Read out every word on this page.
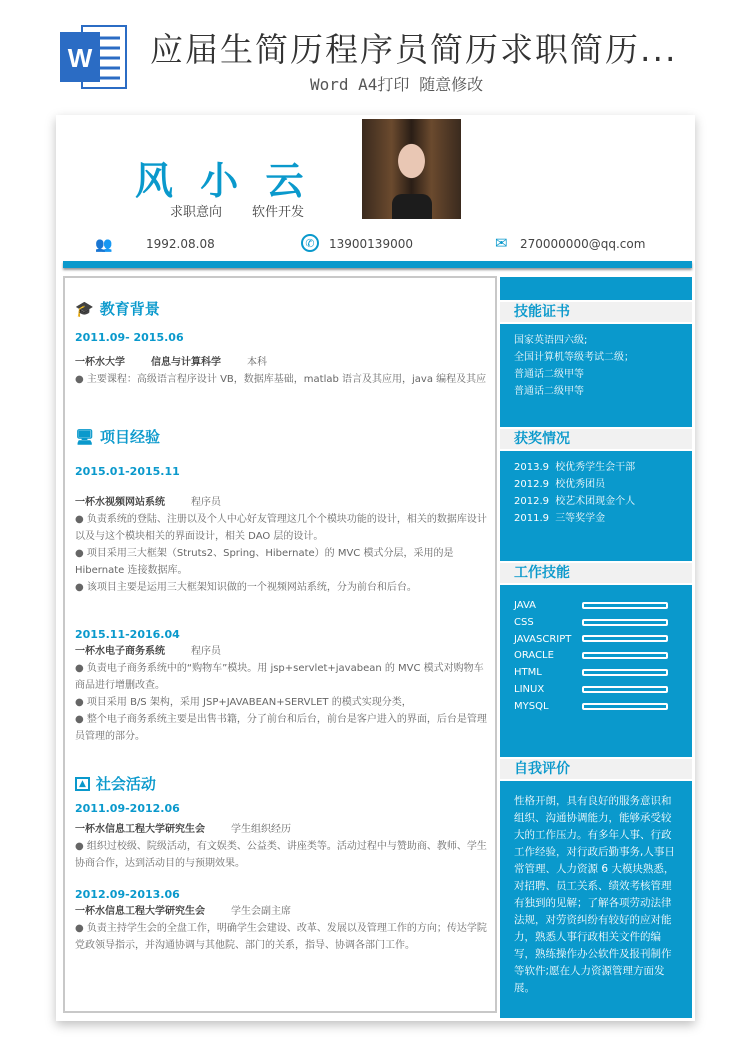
W 应届生简历程序员简历求职简历...
Word A4打印 随意修改
风 小 云
求职意向 软件开发
👥	1992.08.08	✆	13900139000	✉ 270000000@qq.com
🎓 教育背景
2011.09- 2015.06
一杯水大学	信息与计算科学	本科
● 主要课程：高级语言程序设计 VB，数据库基础，matlab 语言及其应用，java 编程及其应
🖥 项目经验
2015.01-2015.11
一杯水视频网站系统	程序员
● 负责系统的登陆、注册以及个人中心好友管理这几个个模块功能的设计，相关的数据库设计以及与这个模块相关的界面设计，相关 DAO 层的设计。
● 项目采用三大框架（Struts2、Spring、Hibernate）的 MVC 模式分层，采用的是 Hibernate 连接数据库。
● 该项目主要是运用三大框架知识做的一个视频网站系统，分为前台和后台。
2015.11-2016.04
一杯水电子商务系统	程序员
● 负责电子商务系统中的“购物车”模块。用 jsp+servlet+javabean 的 MVC 模式对购物车商品进行增删改查。
● 项目采用 B/S 架构，采用 JSP+JAVABEAN+SERVLET 的模式实现分类，
● 整个电子商务系统主要是出售书籍，分了前台和后台，前台是客户进入的界面，后台是管理员管理的部分。
▲ 社会活动
2011.09-2012.06
一杯水信息工程大学研究生会	学生组织经历
● 组织过校级、院级活动，有文娱类、公益类、讲座类等。活动过程中与赞助商、教师、学生协商合作，达到活动目的与预期效果。
2012.09-2013.06
一杯水信息工程大学研究生会	学生会副主席
● 负责主持学生会的全盘工作，明确学生会建设、改革、发展以及管理工作的方向；传达学院党政领导指示，并沟通协调与其他院、部门的关系，指导、协调各部门工作。
技能证书
国家英语四六级;
全国计算机等级考试二级；
普通话二级甲等
普通话二级甲等
获奖情况
2013.9 校优秀学生会干部
2012.9 校优秀团员
2012.9 校艺术团现金个人
2011.9 三等奖学金
工作技能
JAVA
CSS
JAVASCRIPT
ORACLE
HTML
LINUX
MYSQL
自我评价
性格开朗，具有良好的服务意识和组织、沟通协调能力，能够承受较大的工作压力。有多年人事、行政工作经验，对行政后勤事务,人事日常管理、人力资源 6 大模块熟悉，对招聘、员工关系、绩效考核管理有独到的见解；了解各项劳动法律法规，对劳资纠纷有较好的应对能力，熟悉人事行政相关文件的编写，熟练操作办公软件及报刊制作等软件;愿在人力资源管理方面发展。
